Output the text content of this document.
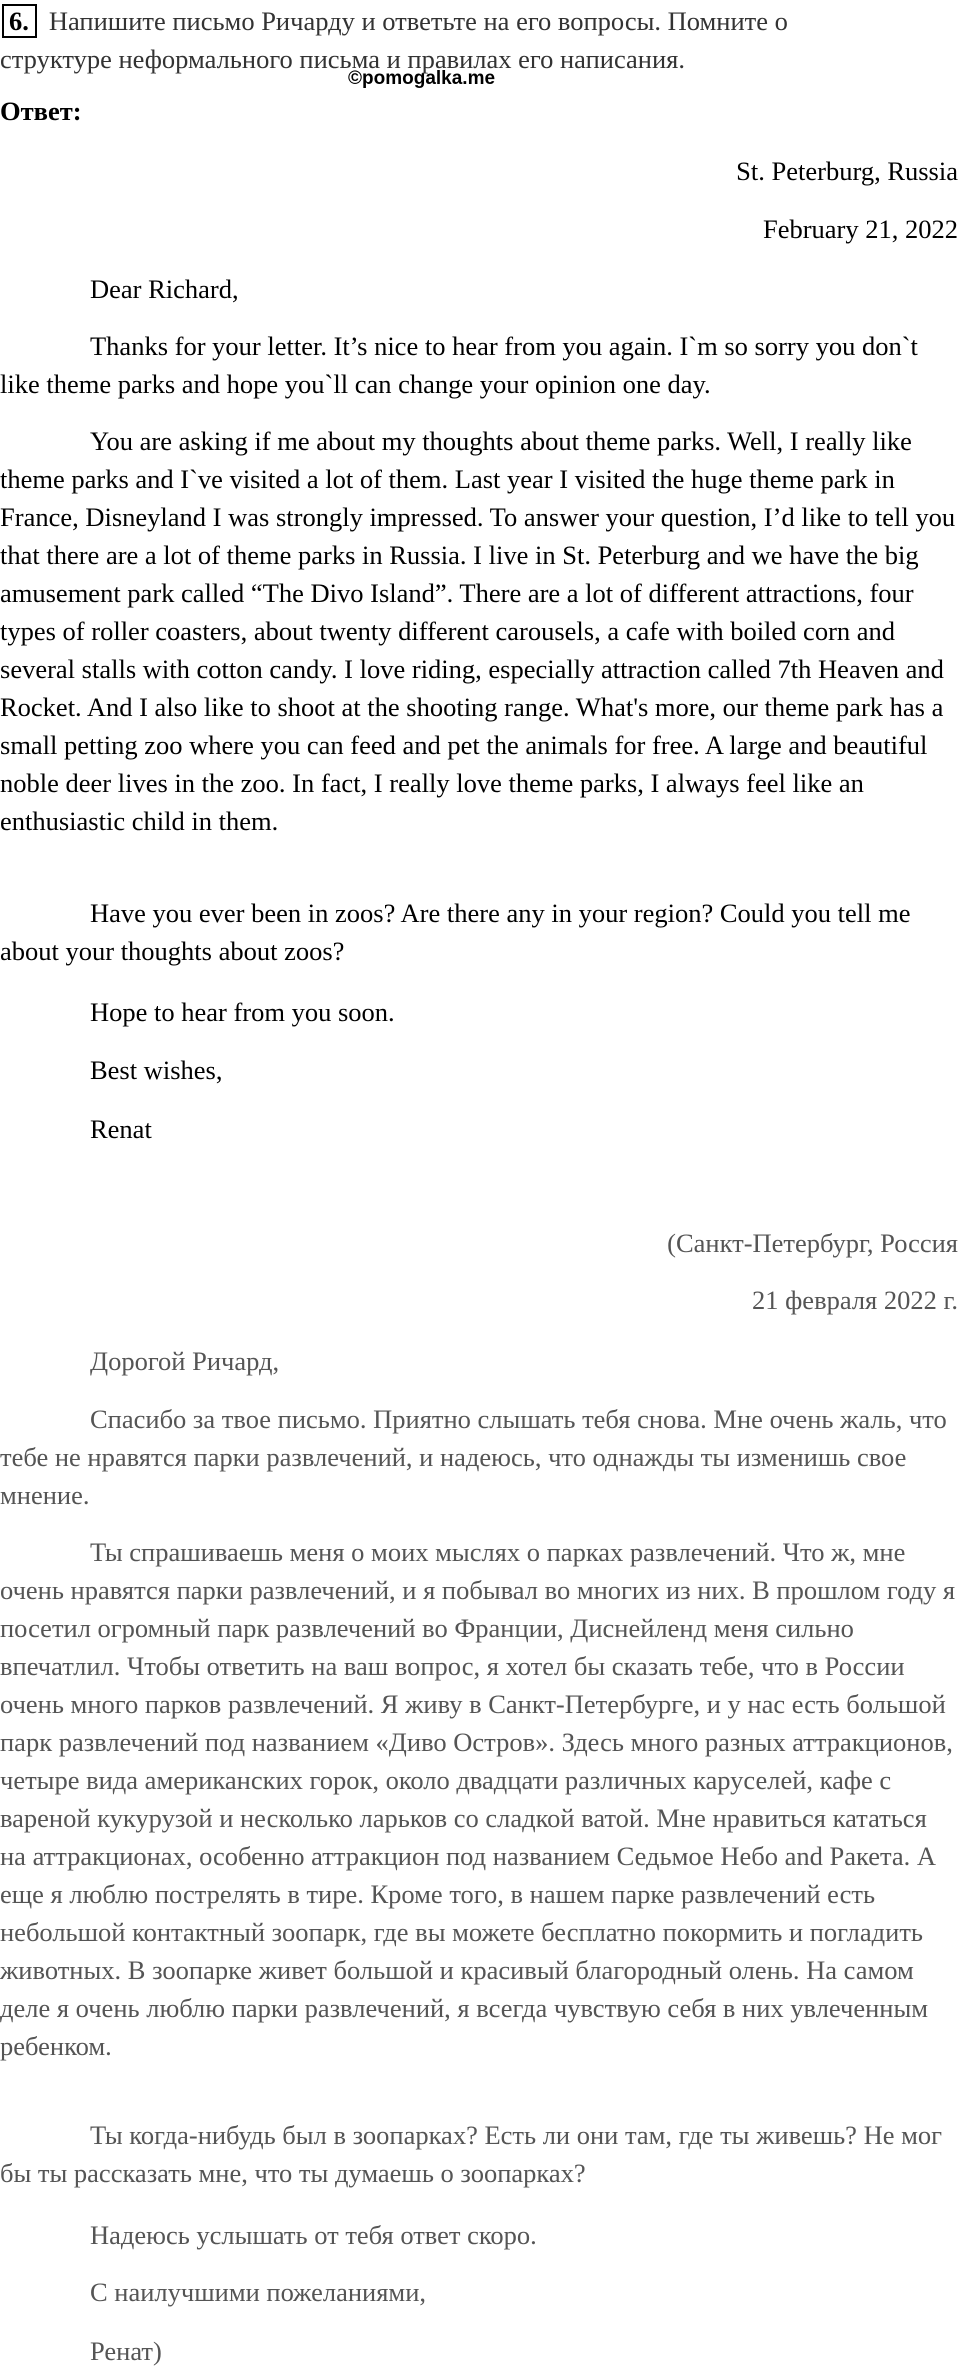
6. Напишите письмо Ричарду и ответьте на его вопросы. Помните о
структуре неформального письма и правилах его написания.
©pomogalka.me
Ответ:
St. Peterburg, Russia
February 21, 2022
Dear Richard,
Thanks for your letter. It’s nice to hear from you again. I`m so sorry you don`t like theme parks and hope you`ll can change your opinion one day.
You are asking if me about my thoughts about theme parks. Well, I really like theme parks and I`ve visited a lot of them. Last year I visited the huge theme park in France, Disneyland I was strongly impressed. To answer your question, I’d like to tell you that there are a lot of theme parks in Russia. I live in St. Peterburg and we have the big amusement park called “The Divo Island”. There are a lot of different attractions, four types of roller coasters, about twenty different carousels, a cafe with boiled corn and several stalls with cotton candy. I love riding, especially attraction called 7th Heaven and Rocket. And I also like to shoot at the shooting range. What's more, our theme park has a small petting zoo where you can feed and pet the animals for free. A large and beautiful noble deer lives in the zoo. In fact, I really love theme parks, I always feel like an enthusiastic child in them.
Have you ever been in zoos? Are there any in your region? Could you tell me about your thoughts about zoos?
Hope to hear from you soon.
Best wishes,
Renat
(Санкт-Петербург, Россия
21 февраля 2022 г.
Дорогой Ричард,
Спасибо за твое письмо. Приятно слышать тебя снова. Мне очень жаль, что тебе не нравятся парки развлечений, и надеюсь, что однажды ты изменишь свое мнение.
Ты спрашиваешь меня о моих мыслях о парках развлечений. Что ж, мне очень нравятся парки развлечений, и я побывал во многих из них. В прошлом году я посетил огромный парк развлечений во Франции, Диснейленд меня сильно впечатлил. Чтобы ответить на ваш вопрос, я хотел бы сказать тебе, что в России очень много парков развлечений. Я живу в Санкт-Петербурге, и у нас есть большой парк развлечений под названием «Диво Остров». Здесь много разных аттракционов, четыре вида американских горок, около двадцати различных каруселей, кафе с вареной кукурузой и несколько ларьков со сладкой ватой. Мне нравиться кататься на аттракционах, особенно аттракцион под названием Седьмое Небо and Ракета. А еще я люблю пострелять в тире. Кроме того, в нашем парке развлечений есть небольшой контактный зоопарк, где вы можете бесплатно покормить и погладить животных. В зоопарке живет большой и красивый благородный олень. На самом деле я очень люблю парки развлечений, я всегда чувствую себя в них увлеченным ребенком.
Ты когда-нибудь был в зоопарках? Есть ли они там, где ты живешь? Не мог бы ты рассказать мне, что ты думаешь о зоопарках?
Надеюсь услышать от тебя ответ скоро.
С наилучшими пожеланиями,
Ренат)
